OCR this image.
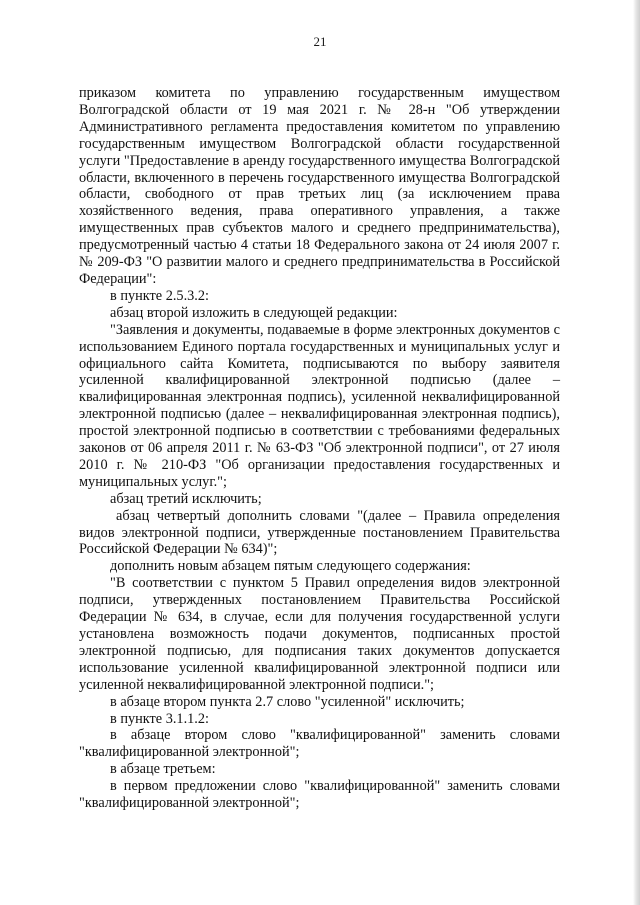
21

приказом комитета по управлению государственным имуществом Волгоградской области от 19 мая 2021 г. № 28-н "Об утверждении Административного регламента предоставления комитетом по управлению государственным имуществом Волгоградской области государственной услуги "Предоставление в аренду государственного имущества Волгоградской области, включенного в перечень государственного имущества Волгоградской области, свободного от прав третьих лиц (за исключением права хозяйственного ведения, права оперативного управления, а также имущественных прав субъектов малого и среднего предпринимательства), предусмотренный частью 4 статьи 18 Федерального закона от 24 июля 2007 г. № 209-ФЗ "О развитии малого и среднего предпринимательства в Российской Федерации":

в пункте 2.5.3.2:

абзац второй изложить в следующей редакции:

"Заявления и документы, подаваемые в форме электронных документов с использованием Единого портала государственных и муниципальных услуг и официального сайта Комитета, подписываются по выбору заявителя усиленной квалифицированной электронной подписью (далее – квалифицированная электронная подпись), усиленной неквалифицированной электронной подписью (далее – неквалифицированная электронная подпись), простой электронной подписью в соответствии с требованиями федеральных законов от 06 апреля 2011 г. № 63-ФЗ "Об электронной подписи", от 27 июля 2010 г. № 210-ФЗ "Об организации предоставления государственных и муниципальных услуг.";

абзац третий исключить;

абзац четвертый дополнить словами "(далее – Правила определения видов электронной подписи, утвержденные постановлением Правительства Российской Федерации № 634)";

дополнить новым абзацем пятым следующего содержания:

"В соответствии с пунктом 5 Правил определения видов электронной подписи, утвержденных постановлением Правительства Российской Федерации № 634, в случае, если для получения государственной услуги установлена возможность подачи документов, подписанных простой электронной подписью, для подписания таких документов допускается использование усиленной квалифицированной электронной подписи или усиленной неквалифицированной электронной подписи.";

в абзаце втором пункта 2.7 слово "усиленной" исключить;

в пункте 3.1.1.2:

в абзаце втором слово "квалифицированной" заменить словами "квалифицированной электронной";

в абзаце третьем:

в первом предложении слово "квалифицированной" заменить словами "квалифицированной электронной";
